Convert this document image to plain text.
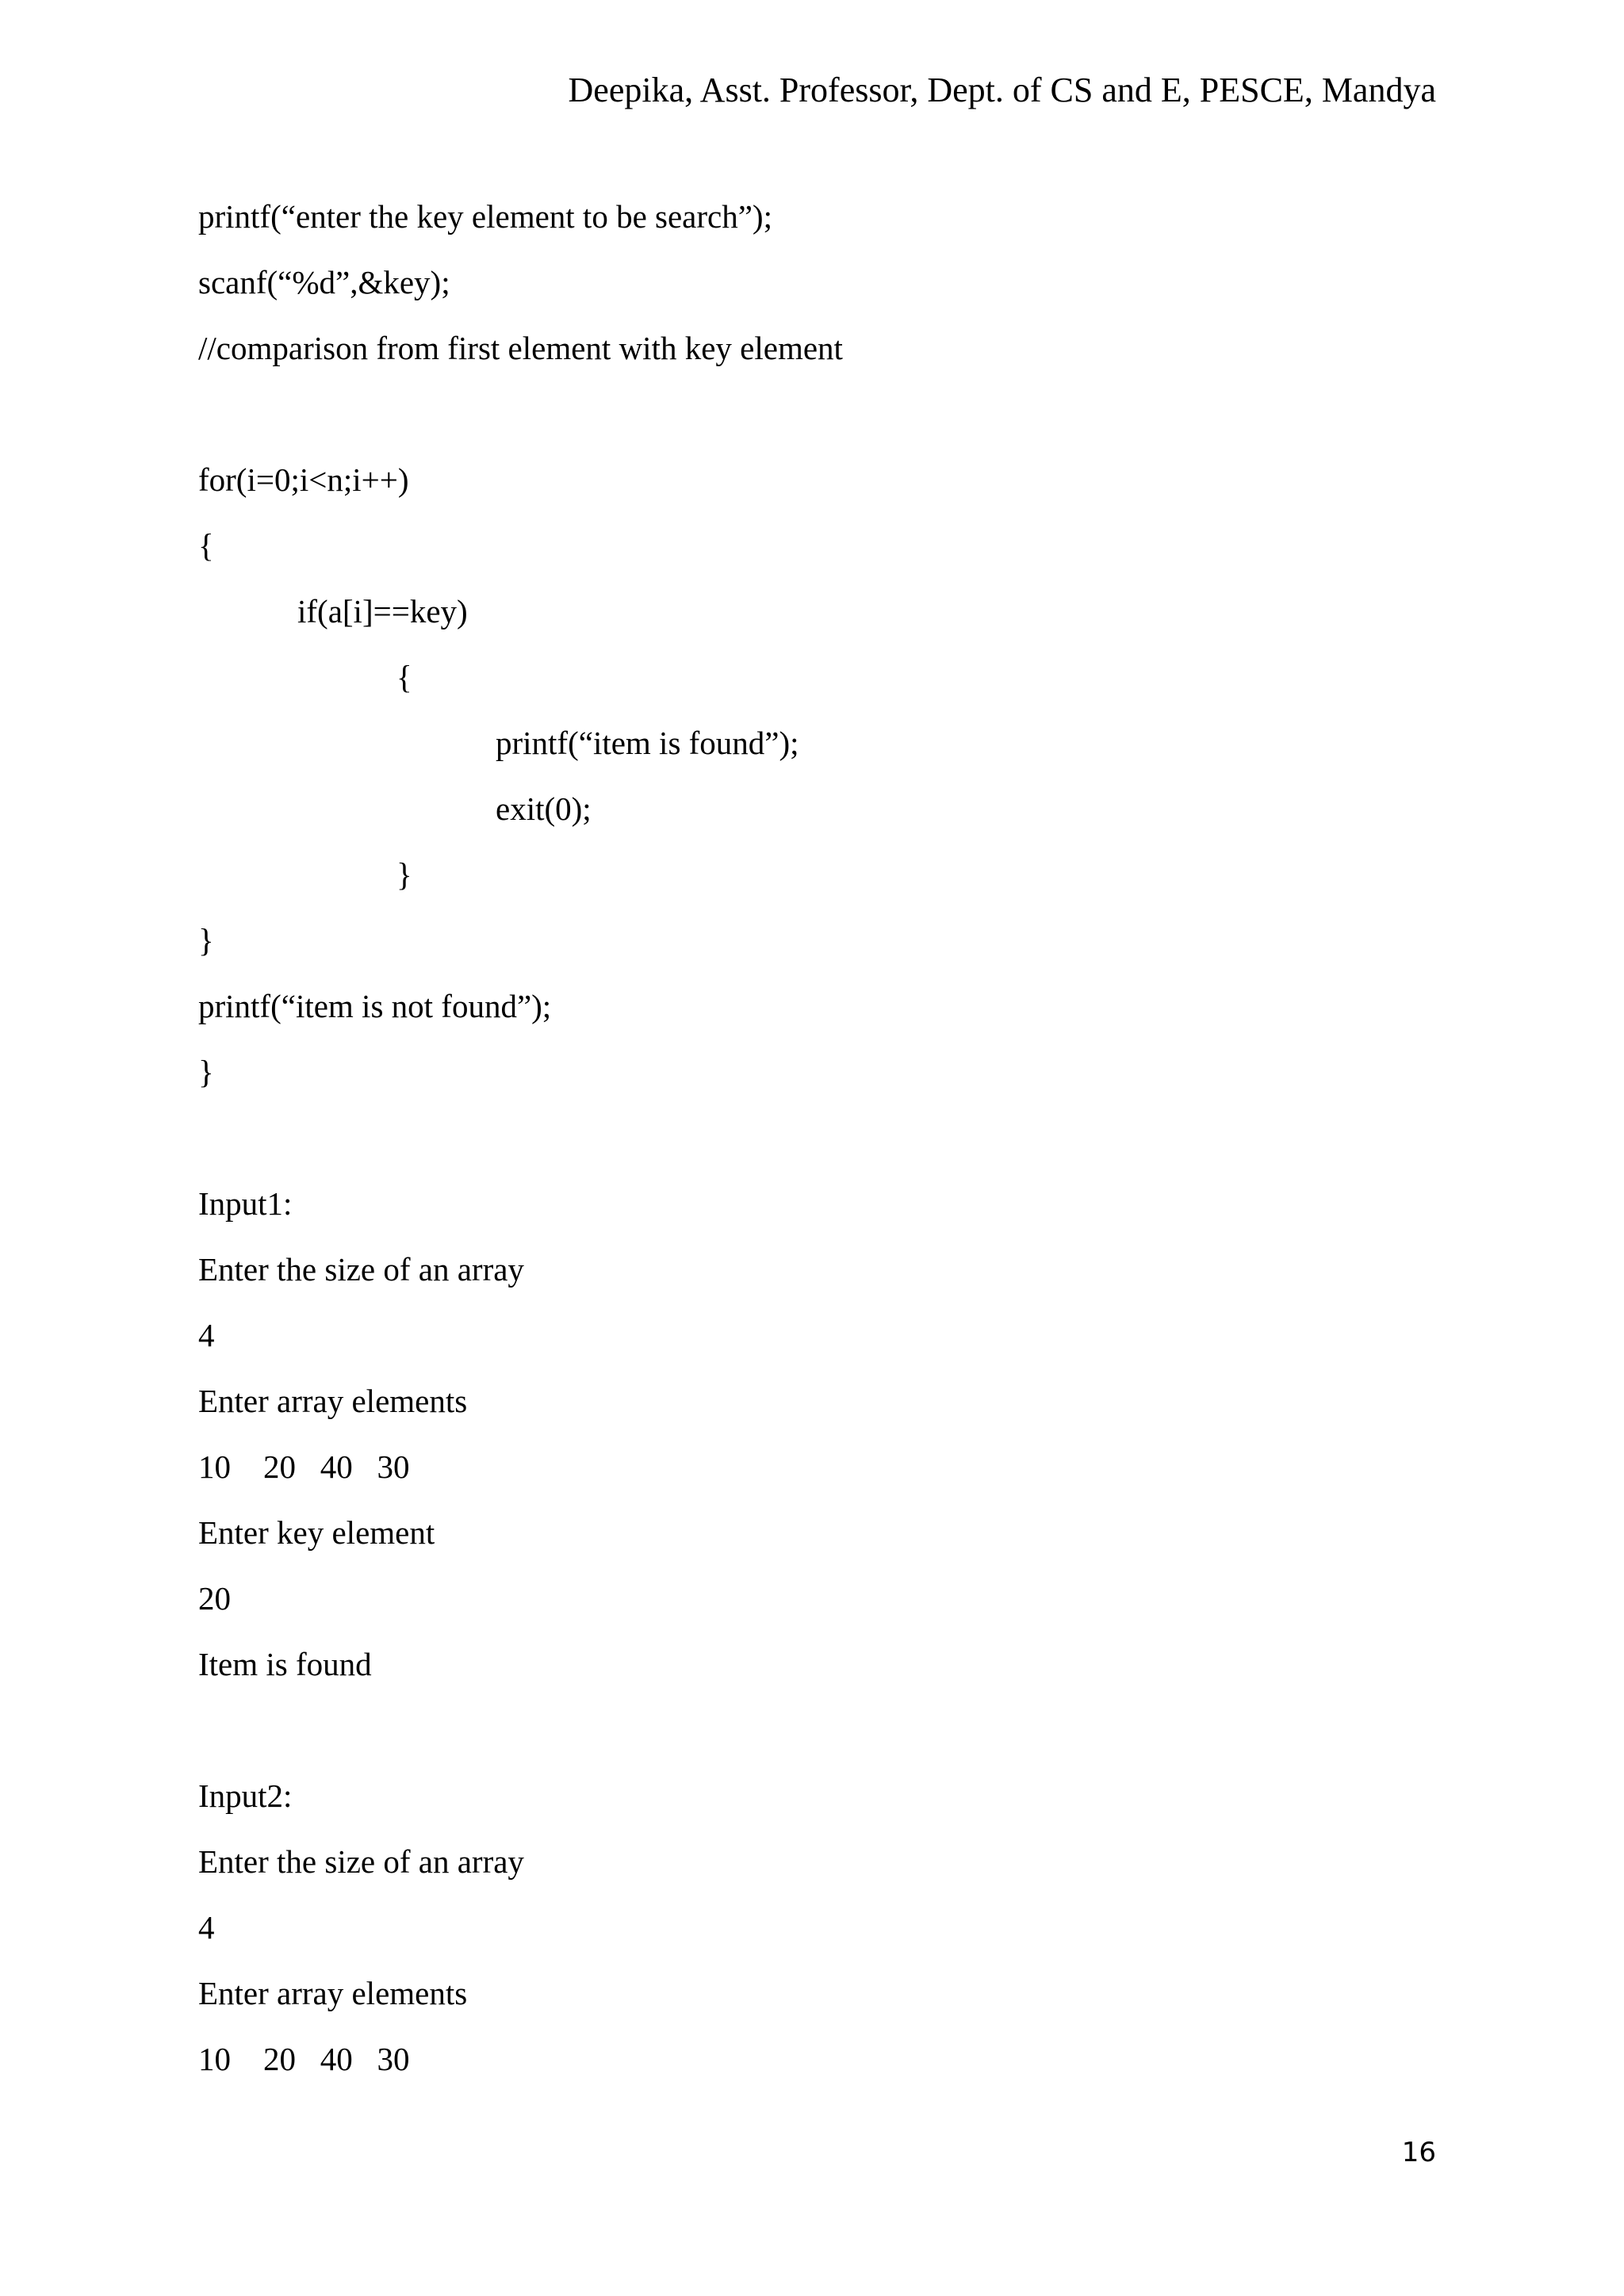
Deepika, Asst. Professor, Dept. of CS and E, PESCE, Mandya
printf(“enter the key element to be search”);
scanf(“%d”,&key);
//comparison from first element with key element
for(i=0;i<n;i++)
{
if(a[i]==key)
{
printf(“item is found”);
exit(0);
}
}
printf(“item is not found”);
}
Input1:
Enter the size of an array
4
Enter array elements
10    20   40   30
Enter key element
20
Item is found
Input2:
Enter the size of an array
4
Enter array elements
10    20   40   30
16
